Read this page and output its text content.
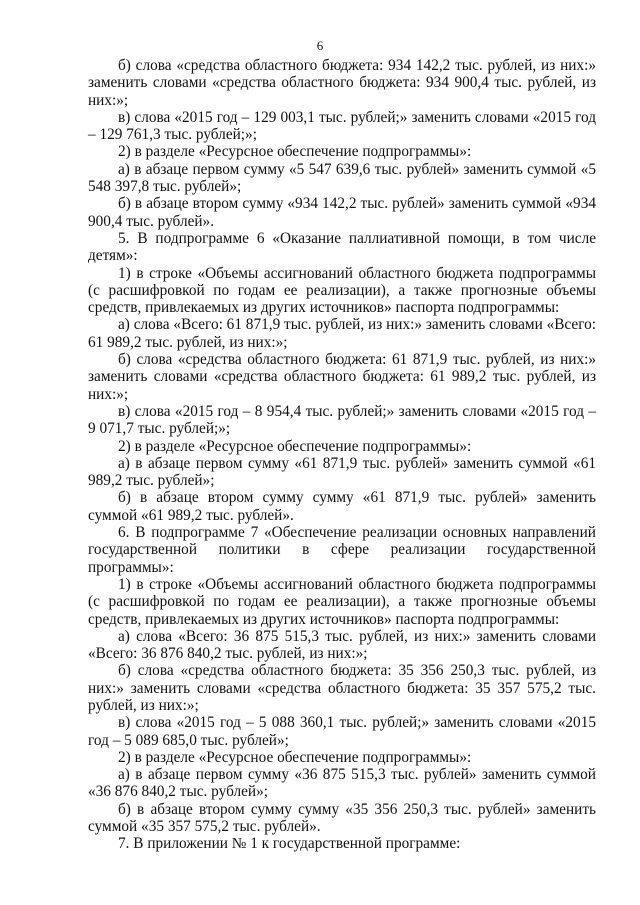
6

б) слова «средства областного бюджета: 934 142,2 тыс. рублей, из них:» заменить словами «средства областного бюджета: 934 900,4 тыс. рублей, из них:»;

в) слова «2015 год – 129 003,1 тыс. рублей;» заменить словами «2015 год – 129 761,3 тыс. рублей;»;

2) в разделе «Ресурсное обеспечение подпрограммы»:

а) в абзаце первом сумму «5 547 639,6 тыс. рублей» заменить суммой «5 548 397,8 тыс. рублей»;

б) в абзаце втором сумму «934 142,2 тыс. рублей» заменить суммой «934 900,4 тыс. рублей».

5. В подпрограмме 6 «Оказание паллиативной помощи, в том числе детям»:

1) в строке «Объемы ассигнований областного бюджета подпрограммы (с расшифровкой по годам ее реализации), а также прогнозные объемы средств, привлекаемых из других источников» паспорта подпрограммы:

а) слова «Всего: 61 871,9 тыс. рублей, из них:» заменить словами «Всего: 61 989,2 тыс. рублей, из них:»;

б) слова «средства областного бюджета: 61 871,9 тыс. рублей, из них:» заменить словами «средства областного бюджета: 61 989,2 тыс. рублей, из них:»;

в) слова «2015 год – 8 954,4 тыс. рублей;» заменить словами «2015 год – 9 071,7 тыс. рублей;»;

2) в разделе «Ресурсное обеспечение подпрограммы»:

а) в абзаце первом сумму «61 871,9 тыс. рублей» заменить суммой «61 989,2 тыс. рублей»;

б) в абзаце втором сумму сумму «61 871,9 тыс. рублей» заменить суммой «61 989,2 тыс. рублей».

6. В подпрограмме 7 «Обеспечение реализации основных направлений государственной политики в сфере реализации государственной программы»:

1) в строке «Объемы ассигнований областного бюджета подпрограммы (с расшифровкой по годам ее реализации), а также прогнозные объемы средств, привлекаемых из других источников» паспорта подпрограммы:

а) слова «Всего: 36 875 515,3 тыс. рублей, из них:» заменить словами «Всего: 36 876 840,2 тыс. рублей, из них:»;

б) слова «средства областного бюджета: 35 356 250,3 тыс. рублей, из них:» заменить словами «средства областного бюджета: 35 357 575,2 тыс. рублей, из них:»;

в) слова «2015 год – 5 088 360,1 тыс. рублей;» заменить словами «2015 год – 5 089 685,0 тыс. рублей»;

2) в разделе «Ресурсное обеспечение подпрограммы»:

а) в абзаце первом сумму «36 875 515,3 тыс. рублей» заменить суммой «36 876 840,2 тыс. рублей»;

б) в абзаце втором сумму сумму «35 356 250,3 тыс. рублей» заменить суммой «35 357 575,2 тыс. рублей».

7. В приложении № 1 к государственной программе:
